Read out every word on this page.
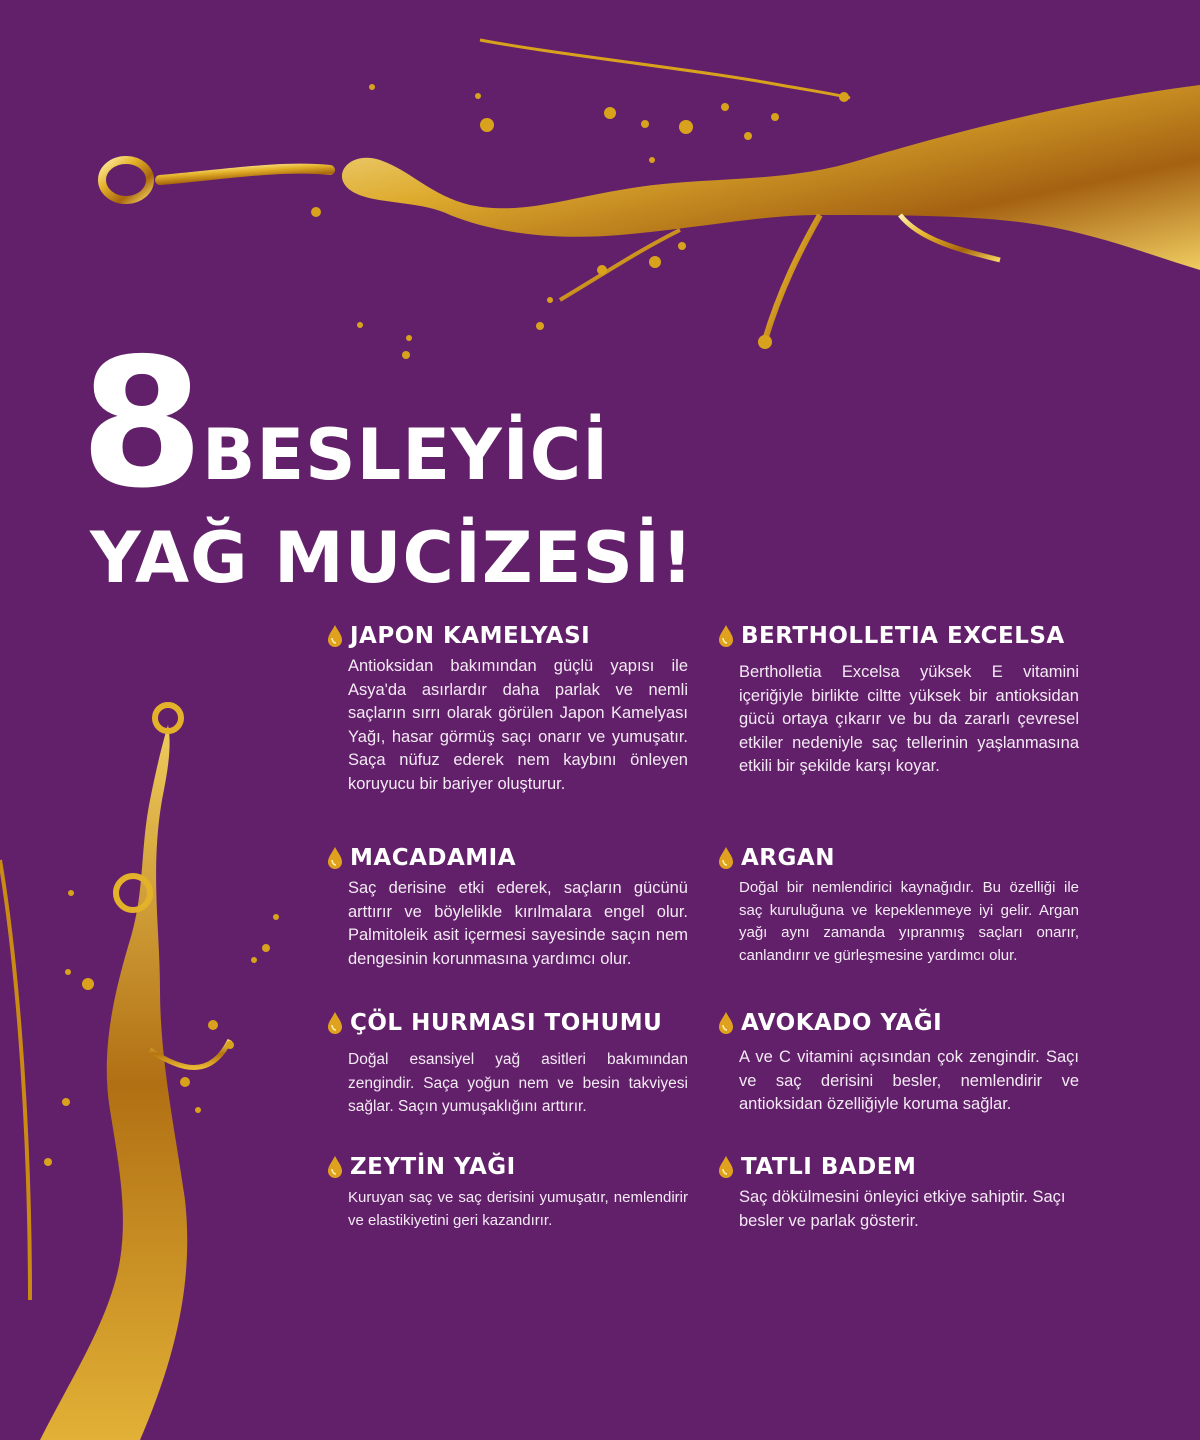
8 BESLEYİCİ
YAĞ MUCİZESİ!
JAPON KAMELYASI
Antioksidan bakımından güçlü yapısı ile Asya'da asırlardır daha parlak ve nemli saçların sırrı olarak görülen Japon Kamelyası Yağı, hasar görmüş saçı onarır ve yumuşatır. Saça nüfuz ederek nem kaybını önleyen koruyucu bir bariyer oluşturur.
BERTHOLLETIA EXCELSA
Bertholletia Excelsa yüksek E vitamini içeriğiyle birlikte ciltte yüksek bir antioksidan gücü ortaya çıkarır ve bu da zararlı çevresel etkiler nedeniyle saç tellerinin yaşlanmasına etkili bir şekilde karşı koyar.
MACADAMIA
Saç derisine etki ederek, saçların gücünü arttırır ve böylelikle kırılmalara engel olur. Palmitoleik asit içermesi sayesinde saçın nem dengesinin korunmasına yardımcı olur.
ARGAN
Doğal bir nemlendirici kaynağıdır. Bu özelliği ile saç kuruluğuna ve kepeklenmeye iyi gelir. Argan yağı aynı zamanda yıpranmış saçları onarır, canlandırır ve gürleşmesine yardımcı olur.
ÇÖL HURMASI TOHUMU
Doğal esansiyel yağ asitleri bakımından zengindir. Saça yoğun nem ve besin takviyesi sağlar. Saçın yumuşaklığını arttırır.
AVOKADO YAĞI
A ve C vitamini açısından çok zengindir. Saçı ve saç derisini besler, nemlendirir ve antioksidan özelliğiyle koruma sağlar.
ZEYTİN YAĞI
Kuruyan saç ve saç derisini yumuşatır, nemlendirir ve elastikiyetini geri kazandırır.
TATLI BADEM
Saç dökülmesini önleyici etkiye sahiptir. Saçı besler ve parlak gösterir.
